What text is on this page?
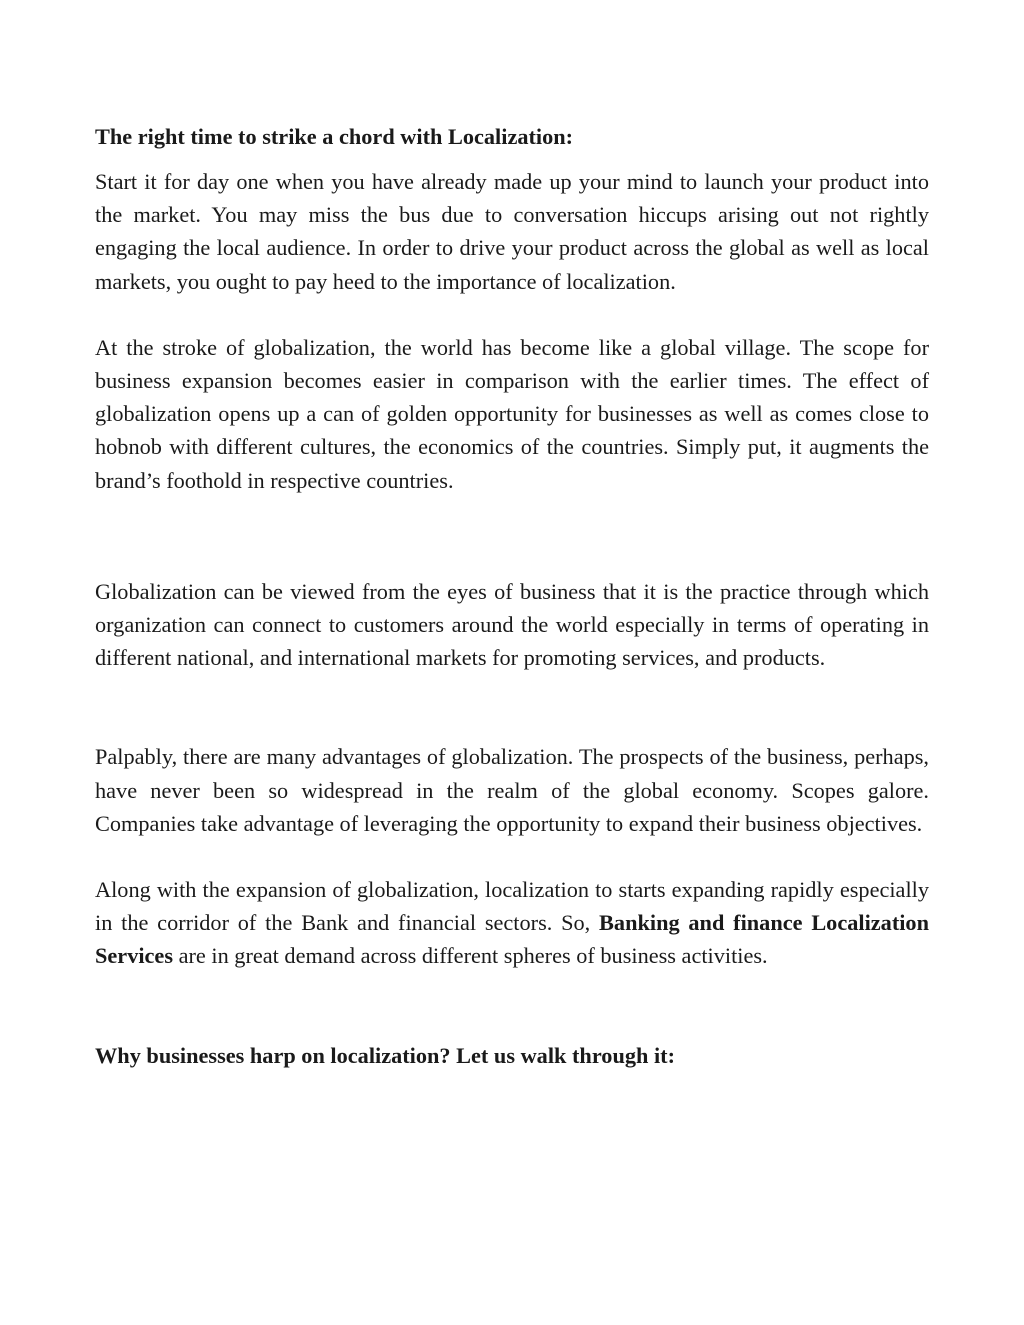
The right time to strike a chord with Localization:

Start it for day one when you have already made up your mind to launch your product into the market. You may miss the bus due to conversation hiccups arising out not rightly engaging the local audience. In order to drive your product across the global as well as local markets, you ought to pay heed to the importance of localization.

At the stroke of globalization, the world has become like a global village. The scope for business expansion becomes easier in comparison with the earlier times. The effect of globalization opens up a can of golden opportunity for businesses as well as comes close to hobnob with different cultures, the economics of the countries. Simply put, it augments the brand’s foothold in respective countries.

Globalization can be viewed from the eyes of business that it is the practice through which organization can connect to customers around the world especially in terms of operating in different national, and international markets for promoting services, and products.

Palpably, there are many advantages of globalization. The prospects of the business, perhaps, have never been so widespread in the realm of the global economy. Scopes galore. Companies take advantage of leveraging the opportunity to expand their business objectives.

Along with the expansion of globalization, localization to starts expanding rapidly especially in the corridor of the Bank and financial sectors. So, Banking and finance Localization Services are in great demand across different spheres of business activities.

Why businesses harp on localization? Let us walk through it:
